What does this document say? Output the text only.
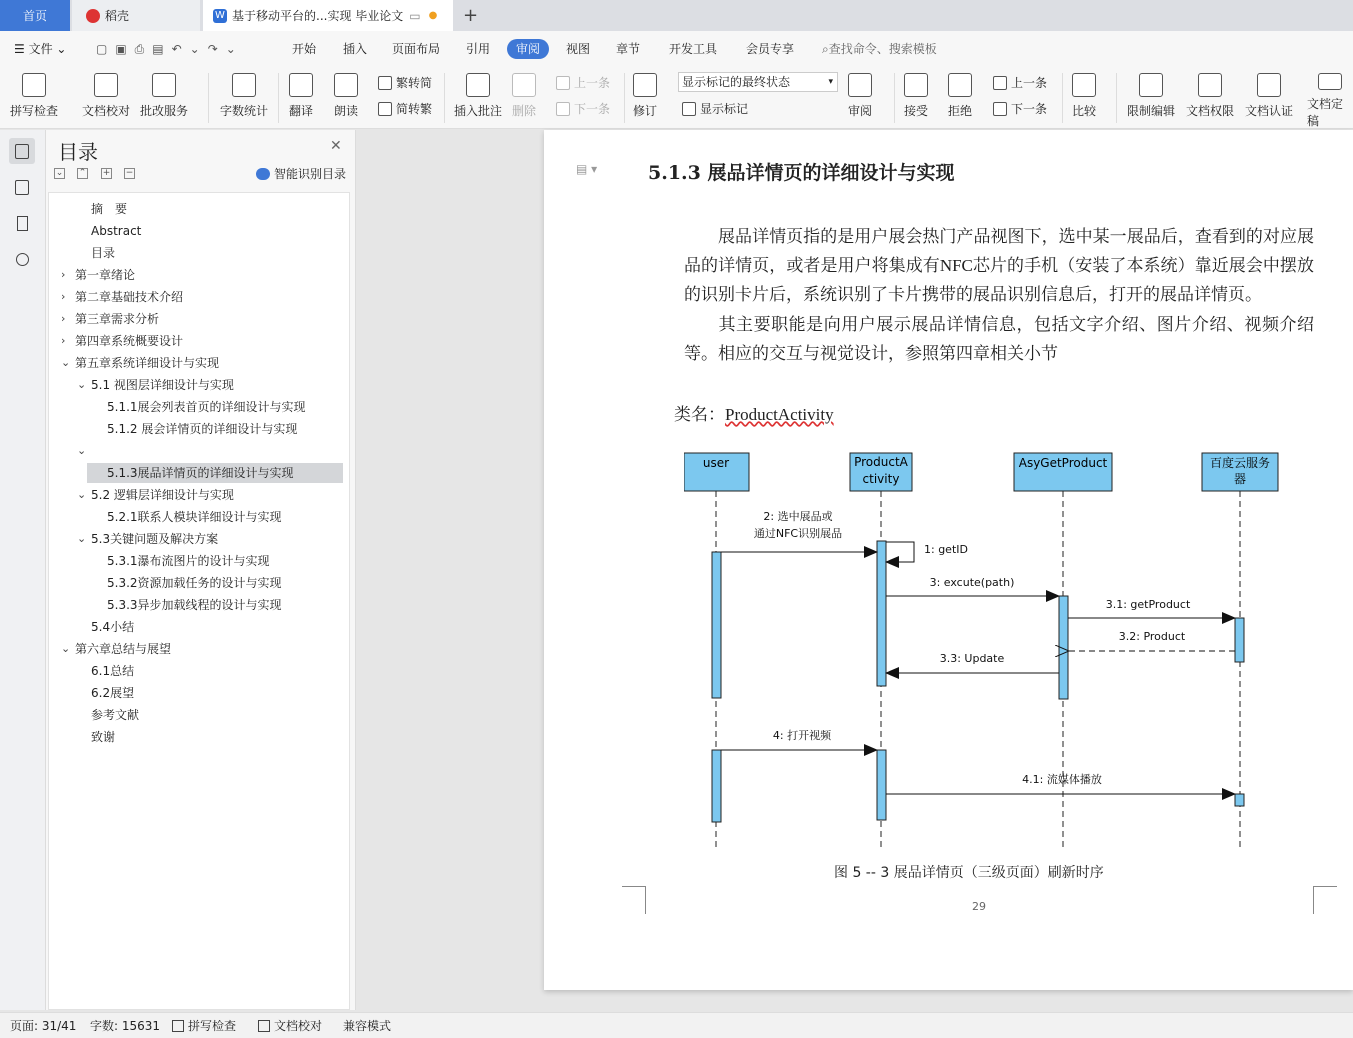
首页	稻壳	W 基于移动平台的...实现 毕业论文 ▭ ● +
☰ 文件 ⌄ ▢▣⎙▤↶⌄↷⌄	开始 插入 页面布局 引用	审阅	视图 章节 开发工具 会员专享 ⌕查找命令、搜索模板
拼写检查 文档校对 批改服务	字数统计 翻译 朗读
繁转简
简转繁 插入批注 删除
上一条
下一条 修订
显示标记的最终状态	▾
显示标记	审阅	接受 拒绝
上一条
下一条 比较	限制编辑 文档权限 文档认证 文档定稿
目录	✕
⌄ ⌃ + −	智能识别目录
摘　要
Abstract
目录
› 第一章绪论
› 第二章基础技术介绍
› 第三章需求分析
› 第四章系统概要设计
⌄ 第五章系统详细设计与实现
⌄ 5.1 视图层详细设计与实现
5.1.1展会列表首页的详细设计与实现
5.1.2 展会详情页的详细设计与实现
⌄
5.1.3展品详情页的详细设计与实现
⌄ 5.2 逻辑层详细设计与实现
5.2.1联系人模块详细设计与实现
⌄ 5.3关键问题及解决方案
5.3.1瀑布流图片的设计与实现
5.3.2资源加载任务的设计与实现
5.3.3异步加载线程的设计与实现
5.4小结
⌄ 第六章总结与展望
6.1总结
6.2展望
参考文献
致谢
▤ ▾	5.1.3 展品详情页的详细设计与实现
展品详情页指的是用户展会热门产品视图下，选中某一展品后，查看到的对应展品的详情页，或者是用户将集成有NFC芯片的手机（安装了本系统）靠近展会中摆放的识别卡片后，系统识别了卡片携带的展品识别信息后，打开的展品详情页。
其主要职能是向用户展示展品详情信息，包括文字介绍、图片介绍、视频介绍等。相应的交互与视觉设计，参照第四章相关小节
类名：ProductActivity
user	ProductA
ctivity
AsyGetProduct	百度云服务
器
2: 选中展品或
通过NFC识别展品
1: getID
3: excute(path)
3.1: getProduct
3.2: Product
3.3: Update
4: 打开视频
4.1: 流媒体播放
图 5 -- 3 展品详情页（三级页面）刷新时序
29
页面: 31/41 字数: 15631 拼写检查	文档校对 兼容模式
